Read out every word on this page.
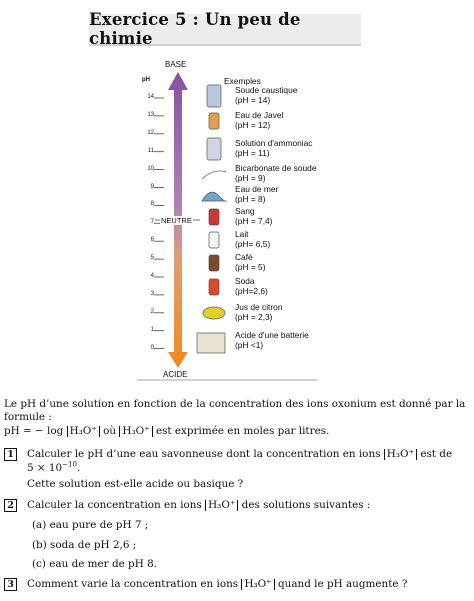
Exercice 5 : Un peu de chimie
BASE
ACIDE
pH
NEUTRE
Exemples
14
13
12
11
10
9
8
7
6
5
4
3
2
1
0
Soude caustique
(pH = 14)
Eau de Javel
(pH = 12)
Solution d'ammoniac
(pH = 11)
Bicarbonate de soude
(pH = 9)
Eau de mer
(pH = 8)
Sang
(pH = 7,4)
Lait
(pH= 6,5)
Café
(pH = 5)
Soda
(pH=2,6)
Jus de citron
(pH = 2,3)
Acide d'une batterie
(pH <1)
Le pH d’une solution en fonction de la concentration des ions oxonium est donné par la
formule :
pH = − log H₃O⁺ où H₃O⁺ est exprimée en moles par litres.
1	Calculer le pH d’une eau savonneuse dont la concentration en ions H₃O⁺ est de
$5 \times 10^{-10}$.
Cette solution est-elle acide ou basique ?
2	Calculer la concentration en ions H₃O⁺ des solutions suivantes :
(a) eau pure de pH 7 ;
(b) soda de pH 2,6 ;
(c) eau de mer de pH 8.
3	Comment varie la concentration en ions H₃O⁺ quand le pH augmente ?
